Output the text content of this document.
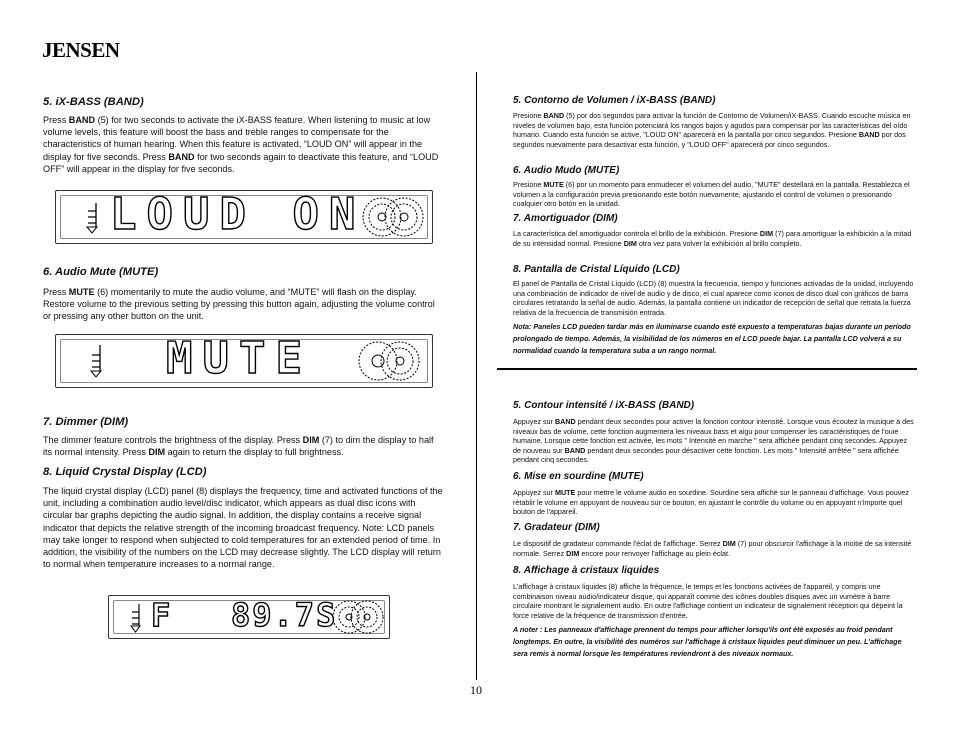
JENSEN
10
5. iX-BASS (BAND)

Press BAND (5) for two seconds to activate the iX-BASS feature. When listening to music at low volume levels, this feature will boost the bass and treble ranges to compensate for the characteristics of human hearing. When this feature is activated, “LOUD ON” will appear in the display for five seconds. Press BAND for two seconds again to deactivate this feature, and “LOUD OFF” will appear in the display for five seconds.

LOUD ON
6. Audio Mute (MUTE)

Press MUTE (6) momentarily to mute the audio volume, and “MUTE” will flash on the display. Restore volume to the previous setting by pressing this button again, adjusting the volume control or pressing any other button on the unit.

MUTE
7. Dimmer (DIM)

The dimmer feature controls the brightness of the display. Press DIM (7) to dim the display to half its normal intensity. Press DIM again to return the display to full brightness.

8. Liquid Crystal Display (LCD)

The liquid crystal display (LCD) panel (8) displays the frequency, time and activated functions of the unit, including a combination audio level/disc indicator, which appears as dual disc icons with circular bar graphs depicting the audio signal. In addition, the display contains a receive signal indicator that depicts the relative strength of the incoming broadcast frequency. Note: LCD panels may take longer to respond when subjected to cold temperatures for an extended period of time. In addition, the visibility of the numbers on the LCD may decrease slightly. The LCD display will return to normal when temperature increases to a normal range.

F 89.7S
5. Contorno de Volumen / iX-BASS (BAND)

Presione BAND (5) por dos segundos para activar la función de Contorno de Volumen/iX-BASS. Cuando escuche música en niveles de volumen bajo, esta función potenciará los rangos bajos y agudos para compensar por las características del oído humano. Cuando esta función se active, "LOUD ON" aparecerá en la pantalla por cinco segundos. Presione BAND por dos segundos nuevamente para desactivar esta función, y "LOUD OFF" aparecerá por cinco segundos.

6. Audio Mudo (MUTE)

Presione MUTE (6) por un momento para enmudecer el volumen del audio, "MUTE" destellará en la pantalla. Restablezca el volumen a la configuración previa presionando este botón nuevamente, ajustando el control de volumen o presionando cualquier otro botón en la unidad.

7. Amortiguador (DIM)

La característica del amortiguador controla el brillo de la exhibición. Presione DIM (7) para amortiguar la exhibición a la mitad de su intensidad normal. Presione DIM otra vez para volver la exhibición al brillo completo.

8. Pantalla de Cristal Líquido (LCD)

El panel de Pantalla de Cristal Líquido (LCD) (8) muestra la frecuencia, tiempo y funciones activadas de la unidad, incluyendo una combinación de indicador de nivel de audio y de disco, el cual aparece como iconos de disco dual con gráficos de barra circulares retratando la señal de audio. Además, la pantalla contiene un indicador de recepción de señal que retrata la fuerza relativa de la frecuencia de transmisión entrada.

Nota: Paneles LCD pueden tardar más en iluminarse cuando esté expuesto a temperaturas bajas durante un período prolongado de tiempo. Además, la visibilidad de los números en el LCD puede bajar. La pantalla LCD volverá a su normalidad cuando la temperatura suba a un rango normal.

5. Contour intensité / iX-BASS (BAND)

Appuyez sur BAND pendant deux secondes pour activer la fonction contour intensité. Lorsque vous écoutez la musique à des niveaux bas de volume, cette fonction augmentera les niveaux bass et aigu pour compenser les caractéristiques de l'ouie humaine. Lorsque cette fonction est activée, les mots " Intensité en marche " sera affichée pendant cinq secondes. Appuyez de nouveau sur BAND pendant deux secondes pour désactiver cette fonction. Les mots " Intensité arrêtée " sera affichée pendant cinq secondes.

6. Mise en sourdine (MUTE)

Appuyez sur MUTE pour mettre le volume audio en sourdine. Sourdine sera affiché sur le panneau d'affichage. Vous pouvez rétablir le volume en appuyant de nouveau sur ce bouton, en ajustant le contrôle du volume ou en appuyant n'importe quel bouton de l'appareil.

7. Gradateur (DIM)

Le dispositif de gradateur commande l'éclat de l'affichage. Serrez DIM (7) pour obscurcir l'affichage à la moitié de sa intensité normale. Serrez DIM encore pour renvoyer l'affichage au plein éclat.

8. Affichage à cristaux liquides

L'affichage à cristaux liquides (8) affiche la fréquence, le temps et les fonctions activées de l'appareil, y compris une combinaison niveau audio/indicateur disque, qui apparaît comme des icônes doubles disques avec un vumètre à barre circulaire montrant le signalement audio. En outre l'affichage contient un indicateur de signalement réception qui dépeint la force relative de la fréquence de transmission d'entrée.

A noter : Les panneaux d'affichage prennent du temps pour afficher lorsqu'ils ont été exposés au froid pendant longtemps. En outre, la visibilité des numéros sur l'affichage à cristaux liquides peut diminuer un peu. L'affichage sera remis à normal lorsque les températures reviendront à des niveaux normaux.
